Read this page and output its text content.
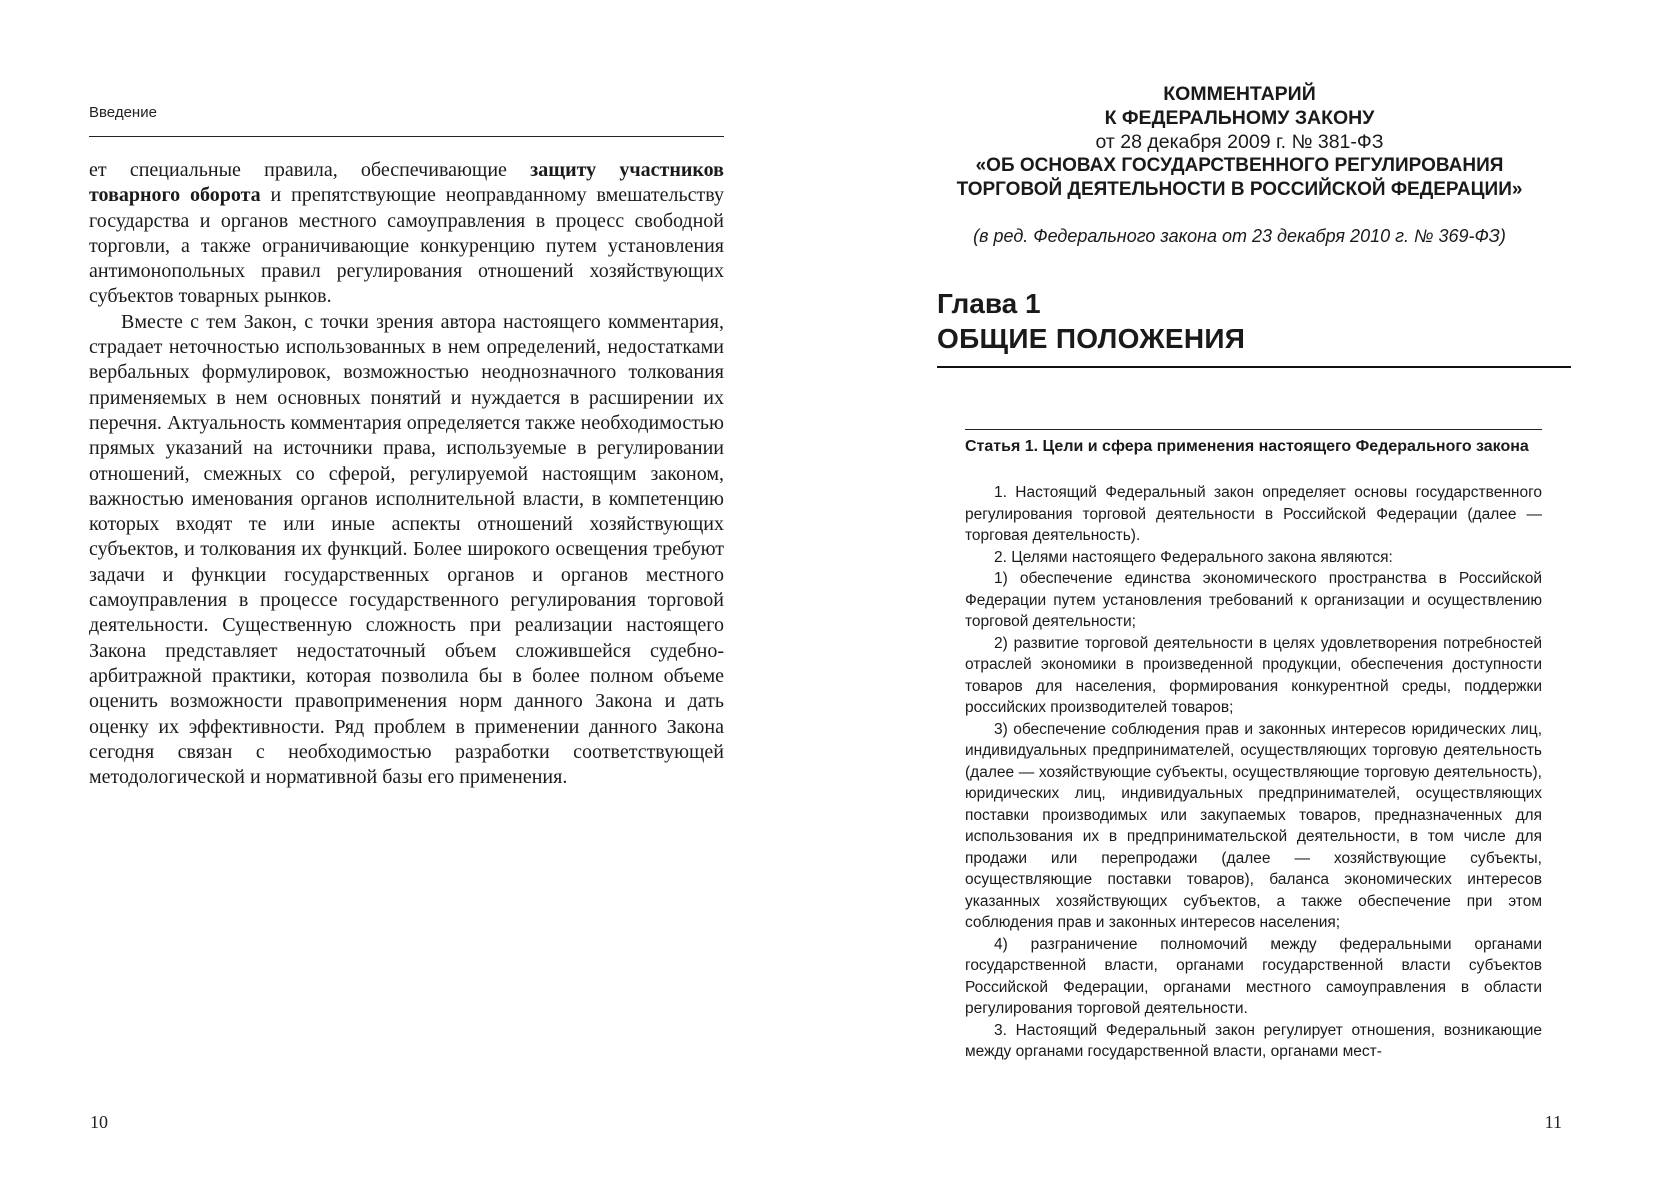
Введение

ет специальные правила, обеспечивающие защиту участников товарного оборота и препятствующие неоправданному вмешательству государства и органов местного самоуправления в процесс свободной торговли, а также ограничивающие конкуренцию путем установления антимонопольных правил регулирования отношений хозяйствующих субъектов товарных рынков.

Вместе с тем Закон, с точки зрения автора настоящего комментария, страдает неточностью использованных в нем определений, недостатками вербальных формулировок, возможностью неоднозначного толкования применяемых в нем основных понятий и нуждается в расширении их перечня. Актуальность комментария определяется также необходимостью прямых указаний на источники права, используемые в регулировании отношений, смежных со сферой, регулируемой настоящим законом, важностью именования органов исполнительной власти, в компетенцию которых входят те или иные аспекты отношений хозяйствующих субъектов, и толкования их функций. Более широкого освещения требуют задачи и функции государственных органов и органов местного самоуправления в процессе государственного регулирования торговой деятельности. Существенную сложность при реализации настоящего Закона представляет недостаточный объем сложившейся судебно-арбитражной практики, которая позволила бы в более полном объеме оценить возможности правоприменения норм данного Закона и дать оценку их эффективности. Ряд проблем в применении данного Закона сегодня связан с необходимостью разработки соответствующей методологической и нормативной базы его применения.

10
КОММЕНТАРИЙ
К ФЕДЕРАЛЬНОМУ ЗАКОНУ
от 28 декабря 2009 г. № 381-ФЗ
«ОБ ОСНОВАХ ГОСУДАРСТВЕННОГО РЕГУЛИРОВАНИЯ
ТОРГОВОЙ ДЕЯТЕЛЬНОСТИ В РОССИЙСКОЙ ФЕДЕРАЦИИ»
(в ред. Федерального закона от 23 декабря 2010 г. № 369-ФЗ)
Глава 1
ОБЩИЕ ПОЛОЖЕНИЯ
Статья 1. Цели и сфера применения настоящего Федерального закона

1. Настоящий Федеральный закон определяет основы государственного регулирования торговой деятельности в Российской Федерации (далее — торговая деятельность).

2. Целями настоящего Федерального закона являются:

1) обеспечение единства экономического пространства в Российской Федерации путем установления требований к организации и осуществлению торговой деятельности;

2) развитие торговой деятельности в целях удовлетворения потребностей отраслей экономики в произведенной продукции, обеспечения доступности товаров для населения, формирования конкурентной среды, поддержки российских производителей товаров;

3) обеспечение соблюдения прав и законных интересов юридических лиц, индивидуальных предпринимателей, осуществляющих торговую деятельность (далее — хозяйствующие субъекты, осуществляющие торговую деятельность), юридических лиц, индивидуальных предпринимателей, осуществляющих поставки производимых или закупаемых товаров, предназначенных для использования их в предпринимательской деятельности, в том числе для продажи или перепродажи (далее — хозяйствующие субъекты, осуществляющие поставки товаров), баланса экономических интересов указанных хозяйствующих субъектов, а также обеспечение при этом соблюдения прав и законных интересов населения;

4) разграничение полномочий между федеральными органами государственной власти, органами государственной власти субъектов Российской Федерации, органами местного самоуправления в области регулирования торговой деятельности.

3. Настоящий Федеральный закон регулирует отношения, возникающие между органами государственной власти, органами мест-

11
